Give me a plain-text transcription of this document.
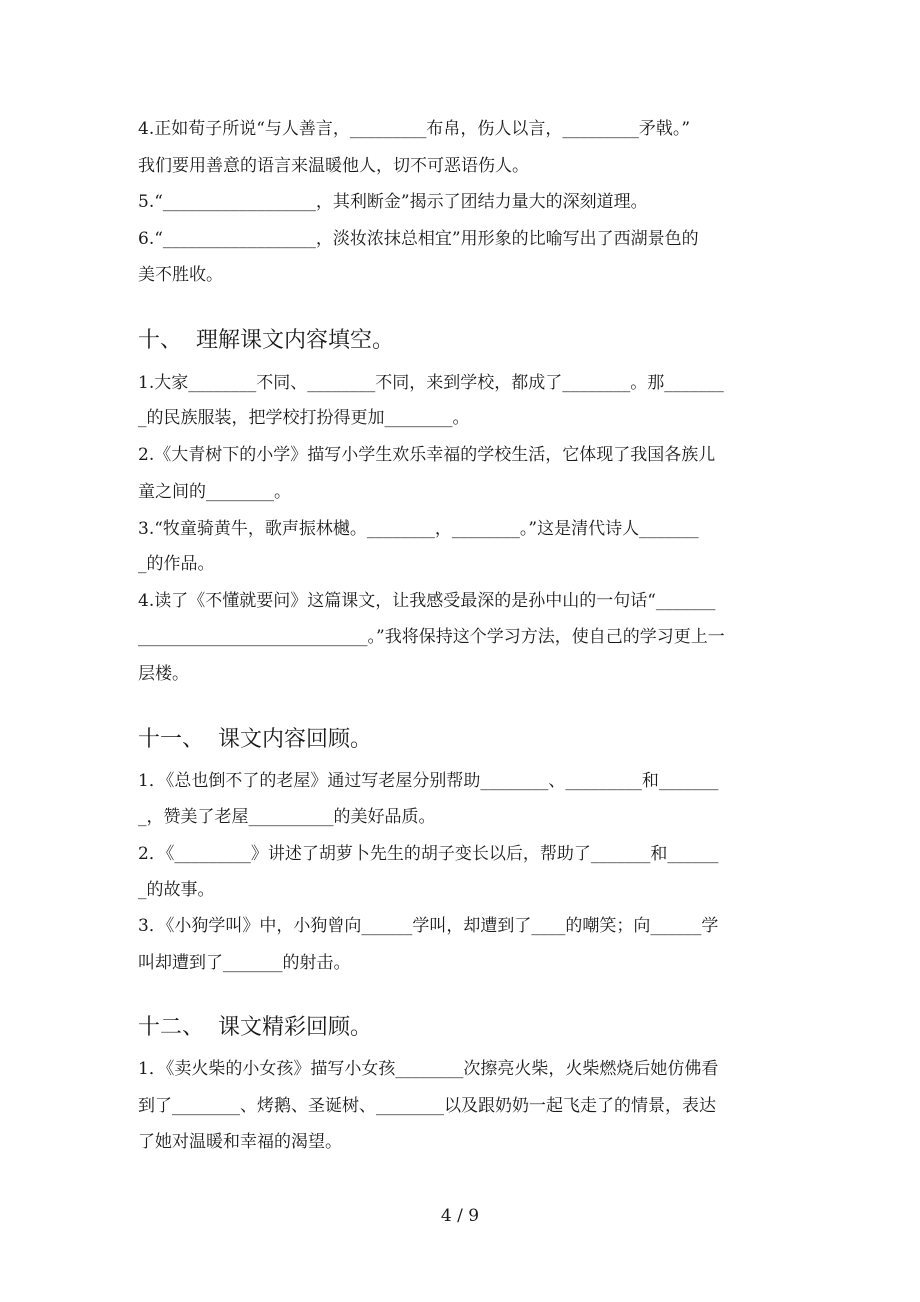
4.正如荀子所说“与人善言，_________布帛，伤人以言，_________矛戟。”
我们要用善意的语言来温暖他人，切不可恶语伤人。
5.“__________________，其利断金”揭示了团结力量大的深刻道理。
6.“__________________，淡妆浓抹总相宜”用形象的比喻写出了西湖景色的
美不胜收。
十、  理解课文内容填空。
1.大家________不同、________不同，来到学校，都成了________。那_______
_的民族服装，把学校打扮得更加________。
2.《大青树下的小学》描写小学生欢乐幸福的学校生活，它体现了我国各族儿
童之间的________。
3.“牧童骑黄牛，歌声振林樾。________，________。”这是清代诗人_______
_的作品。
4.读了《不懂就要问》这篇课文，让我感受最深的是孙中山的一句话“_______
___________________________。”我将保持这个学习方法，使自己的学习更上一
层楼。
十一、  课文内容回顾。
1．《总也倒不了的老屋》通过写老屋分别帮助________、_________和_______
_，赞美了老屋__________的美好品质。
2．《_________》讲述了胡萝卜先生的胡子变长以后，帮助了_______和______
_的故事。
3．《小狗学叫》中，小狗曾向______学叫，却遭到了____的嘲笑；向______学
叫却遭到了_______的射击。
十二、  课文精彩回顾。
1．《卖火柴的小女孩》描写小女孩________次擦亮火柴，火柴燃烧后她仿佛看
到了________、烤鹅、圣诞树、________以及跟奶奶一起飞走了的情景，表达
了她对温暖和幸福的渴望。
4 / 9
